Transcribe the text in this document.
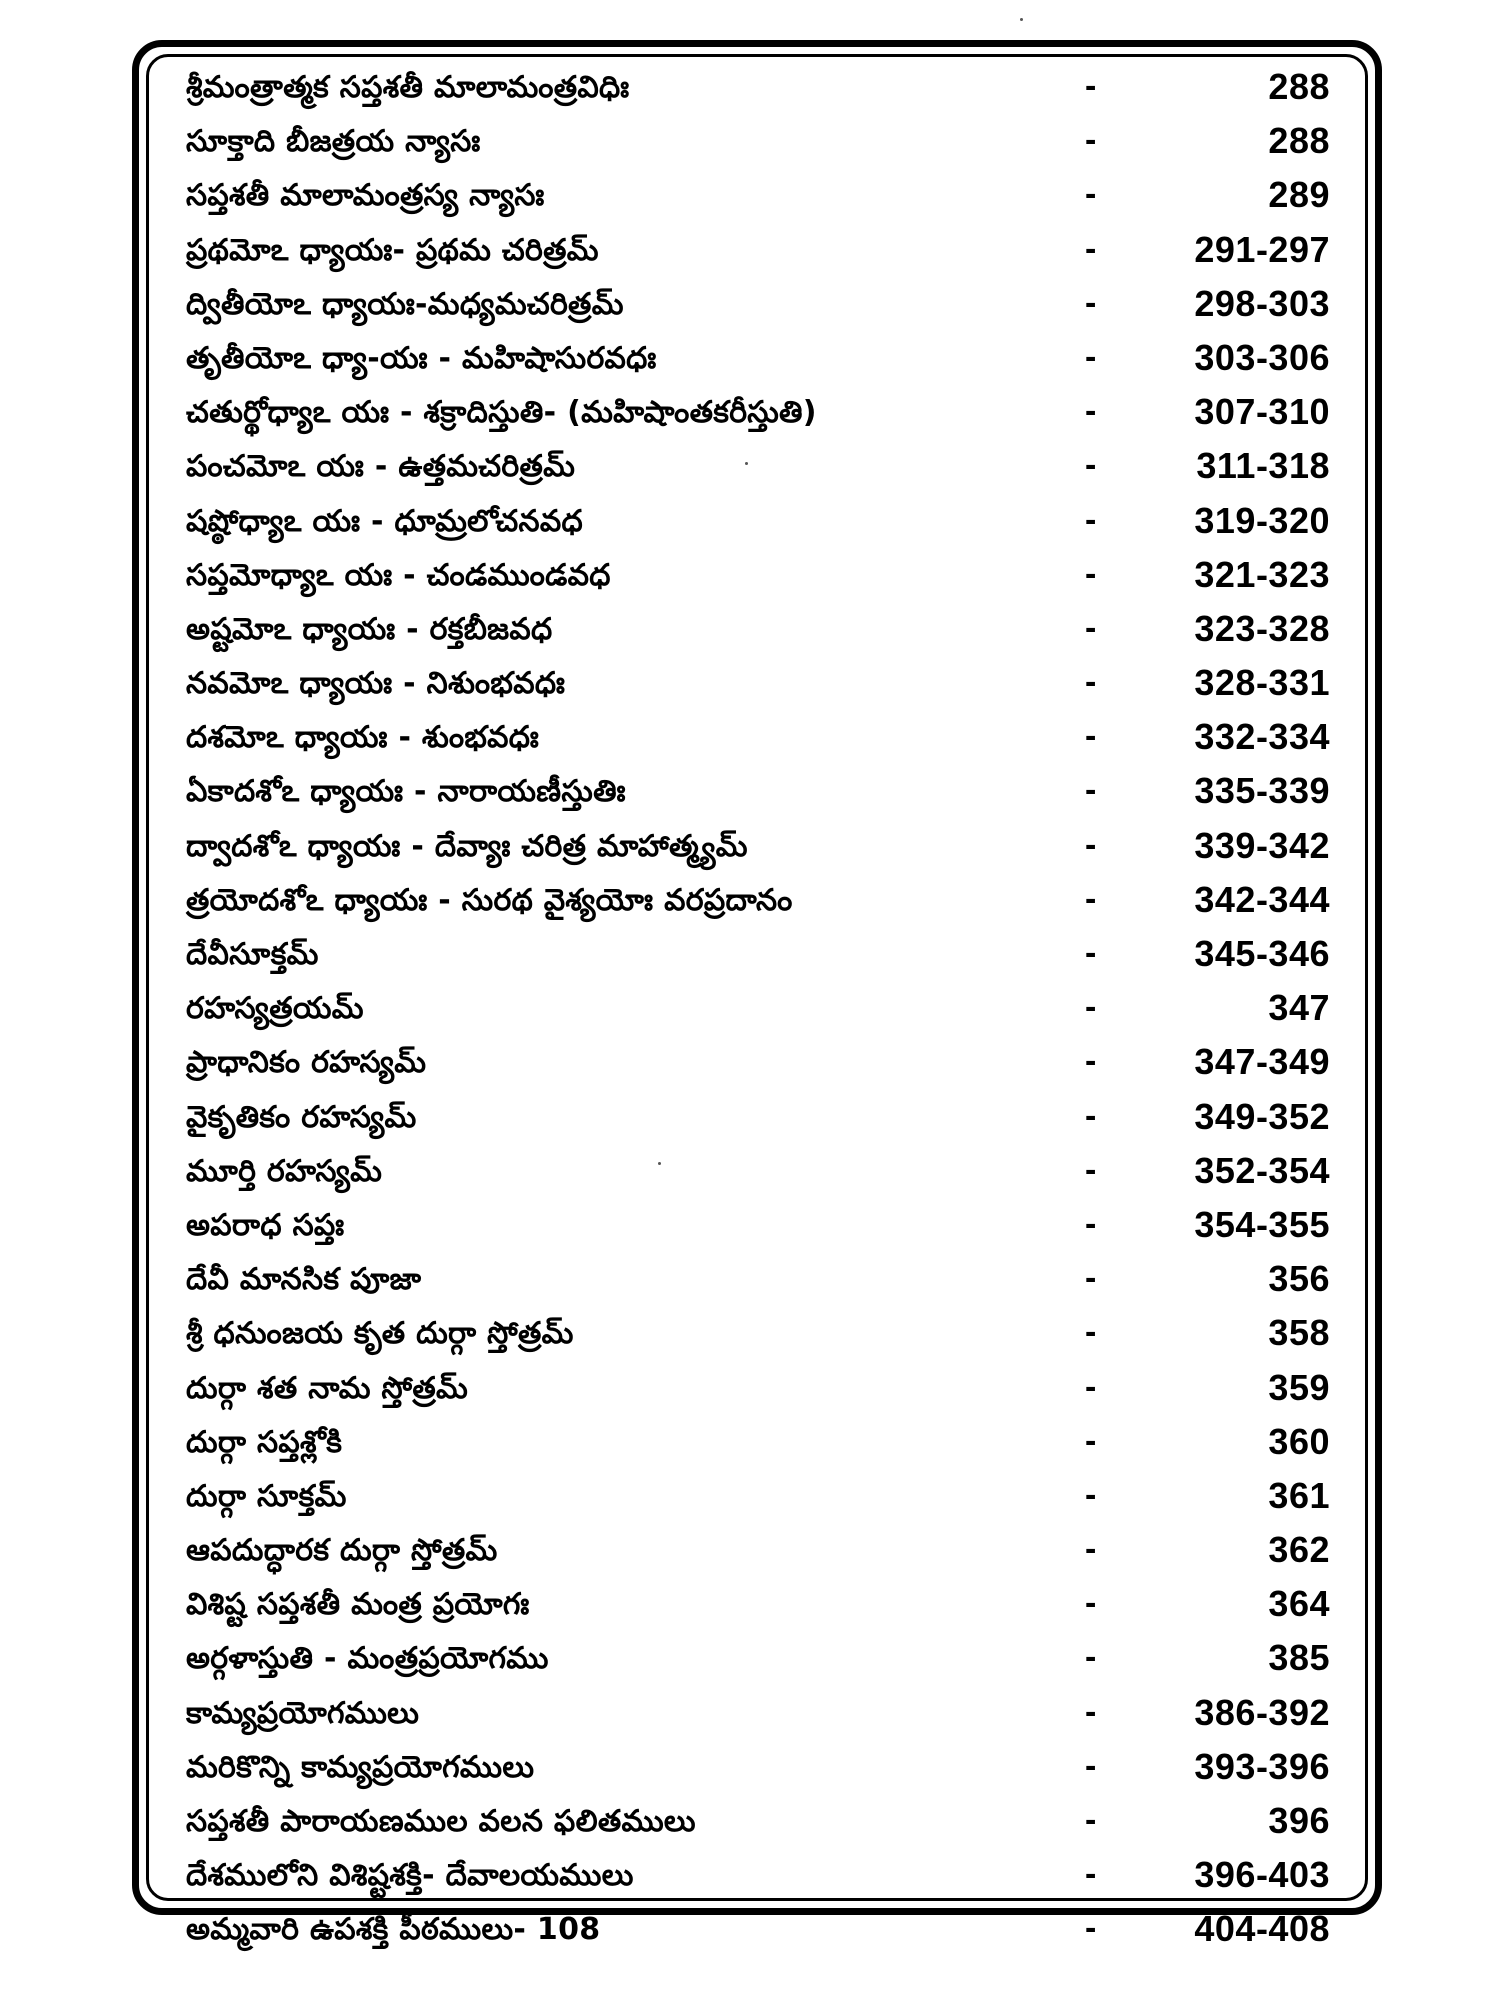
శ్రీమంత్రాత్మక సప్తశతీ మాలామంత్రవిధిః	-	288
సూక్తాది బీజత్రయ న్యాసః	-	288
సప్తశతీ మాలామంత్రస్య న్యాసః	-	289
ప్రథమోఽ ధ్యాయః- ప్రథమ చరిత్రమ్	-	291-297
ద్వితీయోఽ ధ్యాయః-మధ్యమచరిత్రమ్	-	298-303
తృతీయోఽ ధ్యా-యః - మహిషాసురవధః	-	303-306
చతుర్థోధ్యాఽ యః - శక్రాదిస్తుతి- (మహిషాంతకరీస్తుతి)	-	307-310
పంచమోఽ యః - ఉత్తమచరిత్రమ్	-	311-318
షష్ఠోధ్యాఽ యః - ధూమ్రలోచనవధ	-	319-320
సప్తమోధ్యాఽ యః - చండముండవధ	-	321-323
అష్టమోఽ ధ్యాయః - రక్తబీజవధ	-	323-328
నవమోఽ ధ్యాయః - నిశుంభవధః	-	328-331
దశమోఽ ధ్యాయః - శుంభవధః	-	332-334
ఏకాదశోఽ ధ్యాయః - నారాయణీస్తుతిః	-	335-339
ద్వాదశోఽ ధ్యాయః - దేవ్యాః చరిత్ర మాహాత్మ్యమ్	-	339-342
త్రయోదశోఽ ధ్యాయః - సురథ వైశ్యయోః వరప్రదానం	-	342-344
దేవీసూక్తమ్	-	345-346
రహస్యత్రయమ్	-	347
ప్రాధానికం రహస్యమ్	-	347-349
వైకృతికం రహస్యమ్	-	349-352
మూర్తి రహస్యమ్	-	352-354
అపరాధ సప్తః	-	354-355
దేవీ మానసిక పూజా	-	356
శ్రీ ధనుంజయ కృత దుర్గా స్తోత్రమ్	-	358
దుర్గా శత నామ స్తోత్రమ్	-	359
దుర్గా సప్తశ్లోకి	-	360
దుర్గా సూక్తమ్	-	361
ఆపదుద్ధారక దుర్గా స్తోత్రమ్	-	362
విశిష్ట సప్తశతీ మంత్ర ప్రయోగః	-	364
అర్గళాస్తుతి - మంత్రప్రయోగము	-	385
కామ్యప్రయోగములు	-	386-392
మరికొన్ని కామ్యప్రయోగములు	-	393-396
సప్తశతీ పారాయణముల వలన ఫలితములు	-	396
దేశములోని విశిష్టశక్తి- దేవాలయములు	-	396-403
అమ్మవారి ఉపశక్తి పీఠములు- 108	-	404-408
